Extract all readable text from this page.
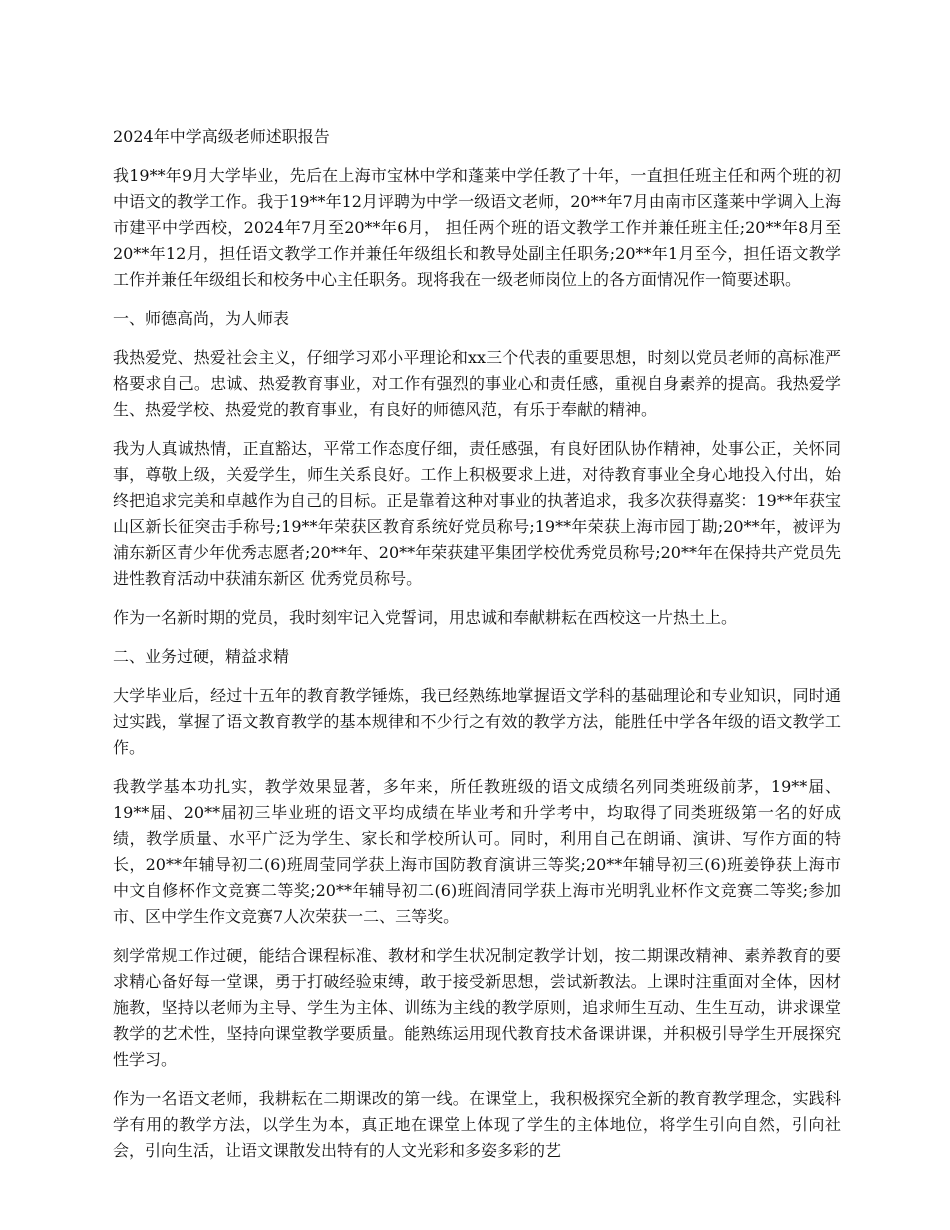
2024年中学高级老师述职报告

我19**年9月大学毕业，先后在上海市宝林中学和蓬莱中学任教了十年，一直担任班主任和两个班的初中语文的教学工作。我于19**年12月评聘为中学一级语文老师，20**年7月由南市区蓬莱中学调入上海市建平中学西校，2024年7月至20**年6月， 担任两个班的语文教学工作并兼任班主任;20**年8月至20**年12月，担任语文教学工作并兼任年级组长和教导处副主任职务;20**年1月至今，担任语文教学工作并兼任年级组长和校务中心主任职务。现将我在一级老师岗位上的各方面情况作一简要述职。

一、师德高尚，为人师表

我热爱党、热爱社会主义，仔细学习邓小平理论和xx三个代表的重要思想，时刻以党员老师的高标准严格要求自己。忠诚、热爱教育事业，对工作有强烈的事业心和责任感，重视自身素养的提高。我热爱学生、热爱学校、热爱党的教育事业，有良好的师德风范，有乐于奉献的精神。

我为人真诚热情，正直豁达，平常工作态度仔细，责任感强，有良好团队协作精神，处事公正，关怀同事，尊敬上级，关爱学生，师生关系良好。工作上积极要求上进，对待教育事业全身心地投入付出，始终把追求完美和卓越作为自己的目标。正是靠着这种对事业的执著追求，我多次获得嘉奖：19**年获宝山区新长征突击手称号;19**年荣获区教育系统好党员称号;19**年荣获上海市园丁勘;20**年，被评为浦东新区青少年优秀志愿者;20**年、20**年荣获建平集团学校优秀党员称号;20**年在保持共产党员先进性教育活动中获浦东新区 优秀党员称号。

作为一名新时期的党员，我时刻牢记入党誓词，用忠诚和奉献耕耘在西校这一片热土上。

二、业务过硬，精益求精

大学毕业后，经过十五年的教育教学锤炼，我已经熟练地掌握语文学科的基础理论和专业知识，同时通过实践，掌握了语文教育教学的基本规律和不少行之有效的教学方法，能胜任中学各年级的语文教学工作。

我教学基本功扎实，教学效果显著，多年来，所任教班级的语文成绩名列同类班级前茅，19**届、19**届、20**届初三毕业班的语文平均成绩在毕业考和升学考中，均取得了同类班级第一名的好成绩，教学质量、水平广泛为学生、家长和学校所认可。同时，利用自己在朗诵、演讲、写作方面的特长，20**年辅导初二(6)班周莹同学获上海市国防教育演讲三等奖;20**年辅导初三(6)班姜铮获上海市中文自修杯作文竞赛二等奖;20**年辅导初二(6)班阎清同学获上海市光明乳业杯作文竞赛二等奖;参加市、区中学生作文竞赛7人次荣获一二、三等奖。

刻学常规工作过硬，能结合课程标准、教材和学生状况制定教学计划，按二期课改精神、素养教育的要求精心备好每一堂课，勇于打破经验束缚，敢于接受新思想，尝试新教法。上课时注重面对全体，因材施教，坚持以老师为主导、学生为主体、训练为主线的教学原则，追求师生互动、生生互动，讲求课堂教学的艺术性，坚持向课堂教学要质量。能熟练运用现代教育技术备课讲课，并积极引导学生开展探究性学习。

作为一名语文老师，我耕耘在二期课改的第一线。在课堂上，我积极探究全新的教育教学理念，实践科学有用的教学方法，以学生为本，真正地在课堂上体现了学生的主体地位，将学生引向自然，引向社会，引向生活，让语文课散发出特有的人文光彩和多姿多彩的艺
